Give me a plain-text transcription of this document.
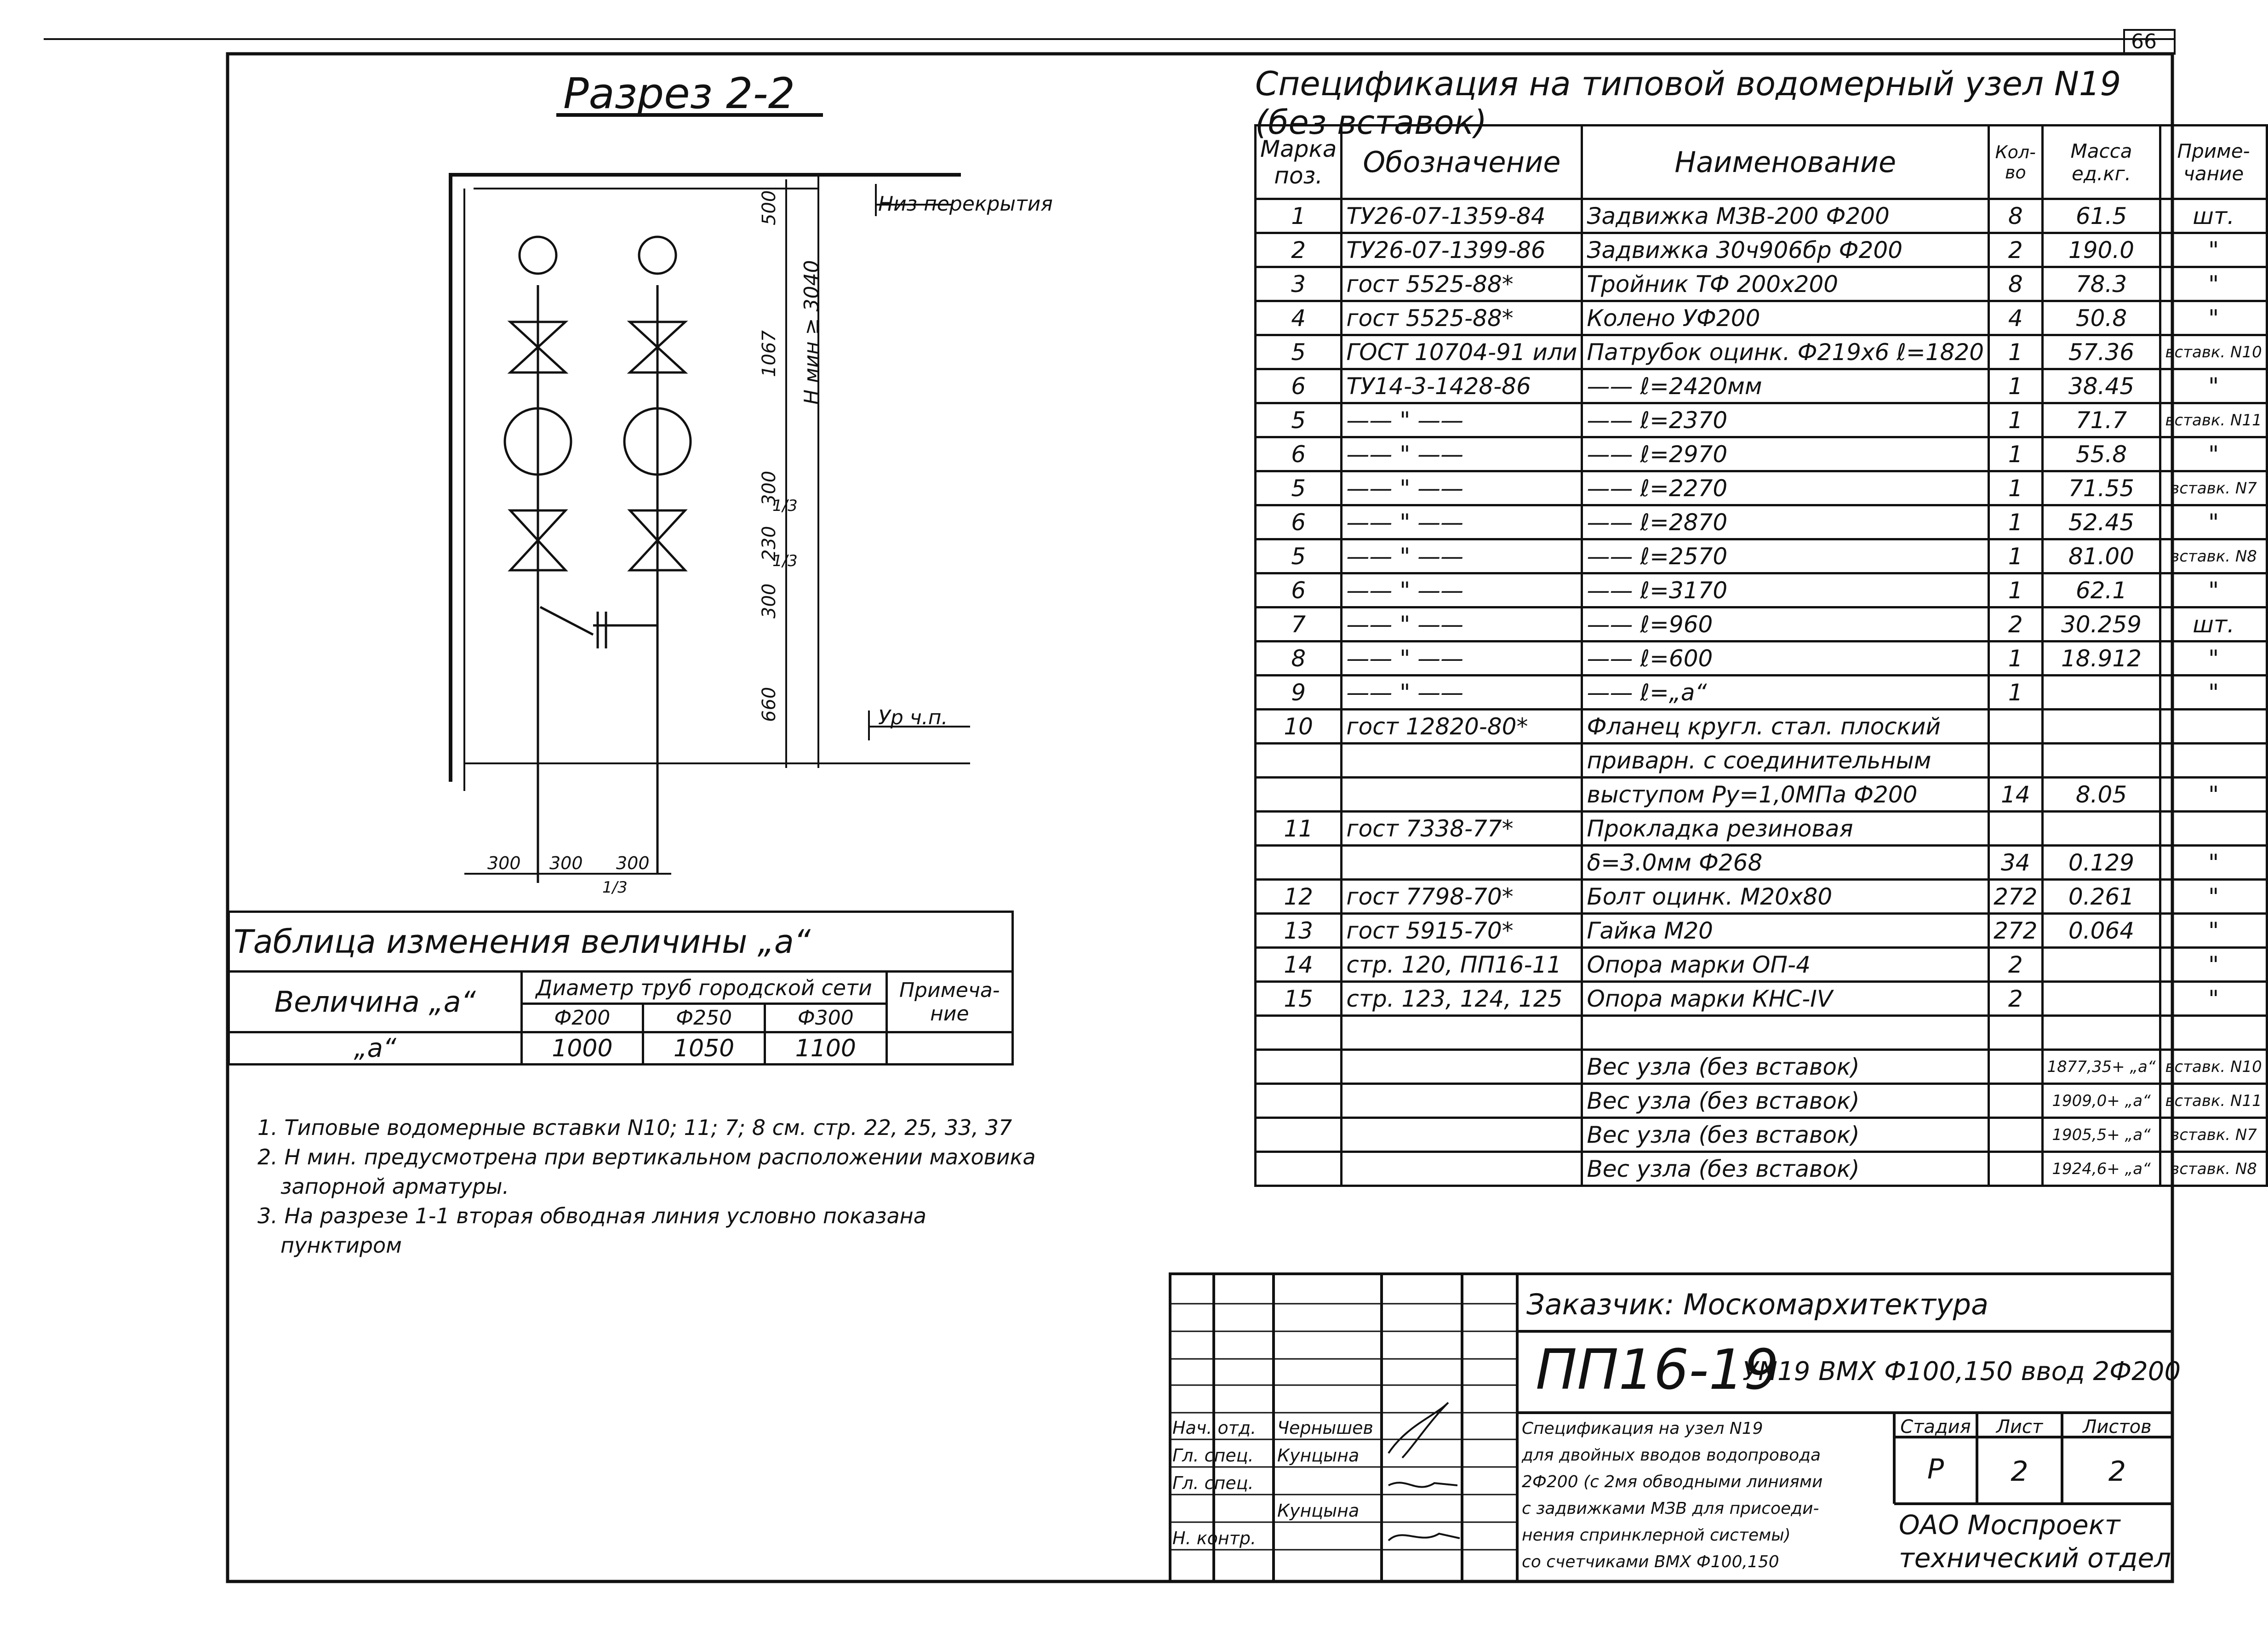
66
Разрез 2-2
Низ перекрытия
Ур ч.п.
Н мин ≥ 3040
500
1067
300
230
300
660
300 300 300
1/3
1/3
1/3
Спецификация на типовой водомерный узел N19 (без вставок)
Марка поз.	Обозначение	Наименование	Кол-во	Масса ед.кг.	Приме-чание
1	ТУ26-07-1359-84	Задвижка МЗВ-200 Ф200	8	61.5	шт.
2	ТУ26-07-1399-86	Задвижка 30ч906бр Ф200	2	190.0	"
3	гост 5525-88*	Тройник ТФ 200х200	8	78.3	"
4	гост 5525-88*	Колено УФ200	4	50.8	"
5	ГОСТ 10704-91 или	Патрубок оцинк. Ф219х6 ℓ=1820	1	57.36	вставк. N10
6	ТУ14-3-1428-86	—— ℓ=2420мм	1	38.45	"
5	—— " ——	—— ℓ=2370	1	71.7	вставк. N11
6	—— " ——	—— ℓ=2970	1	55.8	"
5	—— " ——	—— ℓ=2270	1	71.55	вставк. N7
6	—— " ——	—— ℓ=2870	1	52.45	"
5	—— " ——	—— ℓ=2570	1	81.00	вставк. N8
6	—— " ——	—— ℓ=3170	1	62.1	"
7	—— " ——	—— ℓ=960	2	30.259	шт.
8	—— " ——	—— ℓ=600	1	18.912	"
9	—— " ——	—— ℓ=„а“	1		"
10	гост 12820-80*	Фланец кругл. стал. плоский			
		приварн. с соединительным			
		выступом Ру=1,0МПа Ф200	14	8.05	"
11	гост 7338-77*	Прокладка резиновая			
		δ=3.0мм Ф268	34	0.129	"
12	гост 7798-70*	Болт оцинк. М20х80	272	0.261	"
13	гост 5915-70*	Гайка М20	272	0.064	"
14	стр. 120, ПП16-11	Опора марки ОП-4	2		"
15	стр. 123, 124, 125	Опора марки КНС-IV	2		"

		Вес узла (без вставок)		1877,35+ „а“	вставк. N10
		Вес узла (без вставок)		1909,0+ „а“	вставк. N11
		Вес узла (без вставок)		1905,5+ „а“	вставк. N7
		Вес узла (без вставок)		1924,6+ „а“	вставк. N8
Таблица изменения величины „а“				
Величина „а“	Диаметр труб городской сети			Примеча-ние
	Ф200	Ф250	Ф300	
„а“	1000	1050	1100	
1. Типовые водомерные вставки N10; 11; 7; 8 см. стр. 22, 25, 33, 37
2. Н мин. предусмотрена при вертикальном расположении маховика
запорной арматуры.
3. На разрезе 1-1 вторая обводная линия условно показана
пунктиром
Заказчик: Москомархитектура
ПП16-19
УN19 ВМХ Ф100,150 ввод 2Ф200
Спецификация на узел N19
для двойных вводов водопровода
2Ф200 (с 2мя обводными линиями
с задвижками МЗВ для присоеди-
нения спринклерной системы)
со счетчиками ВМХ Ф100,150
Стадия	Лист	Листов
Р	2	2
ОАО Моспроект
технический отдел
Нач. отд.
Гл. спец.
Гл. спец.
Н. контр.
Чернышев
Кунцына
Кунцына
